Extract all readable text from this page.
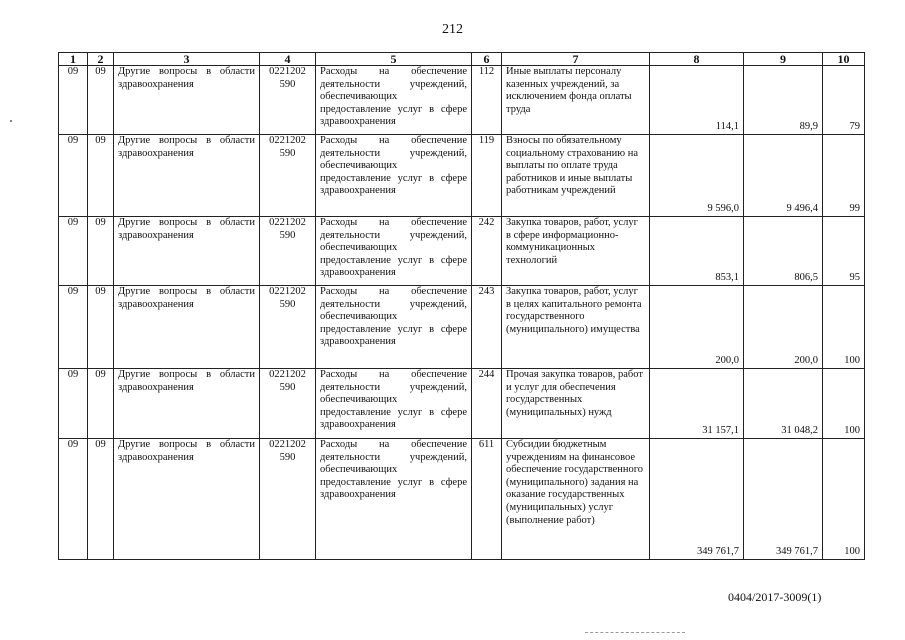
212
1	2	3	4	5	6	7	8	9	10
09	09	Другие вопросы в области здравоохранения	0221202 590	Расходы на обеспечение деятельности учреждений, обеспечивающих предоставление услуг в сфере здравоохранения	112	Иные выплаты персоналу казенных учреждений, за исключением фонда оплаты труда	114,1	89,9	79
09	09	Другие вопросы в области здравоохранения	0221202 590	Расходы на обеспечение деятельности учреждений, обеспечивающих предоставление услуг в сфере здравоохранения	119	Взносы по обязательному социальному страхованию на выплаты по оплате труда работников и иные выплаты работникам учреждений	9 596,0	9 496,4	99
09	09	Другие вопросы в области здравоохранения	0221202 590	Расходы на обеспечение деятельности учреждений, обеспечивающих предоставление услуг в сфере здравоохранения	242	Закупка товаров, работ, услуг в сфере информационно-коммуникационных технологий	853,1	806,5	95
09	09	Другие вопросы в области здравоохранения	0221202 590	Расходы на обеспечение деятельности учреждений, обеспечивающих предоставление услуг в сфере здравоохранения	243	Закупка товаров, работ, услуг в целях капитального ремонта государственного (муниципального) имущества	200,0	200,0	100
09	09	Другие вопросы в области здравоохранения	0221202 590	Расходы на обеспечение деятельности учреждений, обеспечивающих предоставление услуг в сфере здравоохранения	244	Прочая закупка товаров, работ и услуг для обеспечения государственных (муниципальных) нужд	31 157,1	31 048,2	100
09	09	Другие вопросы в области здравоохранения	0221202 590	Расходы на обеспечение деятельности учреждений, обеспечивающих предоставление услуг в сфере здравоохранения	611	Субсидии бюджетным учреждениям на финансовое обеспечение государственного (муниципального) задания на оказание государственных (муниципальных) услуг (выполнение работ)	349 761,7	349 761,7	100
0404/2017-3009(1)
